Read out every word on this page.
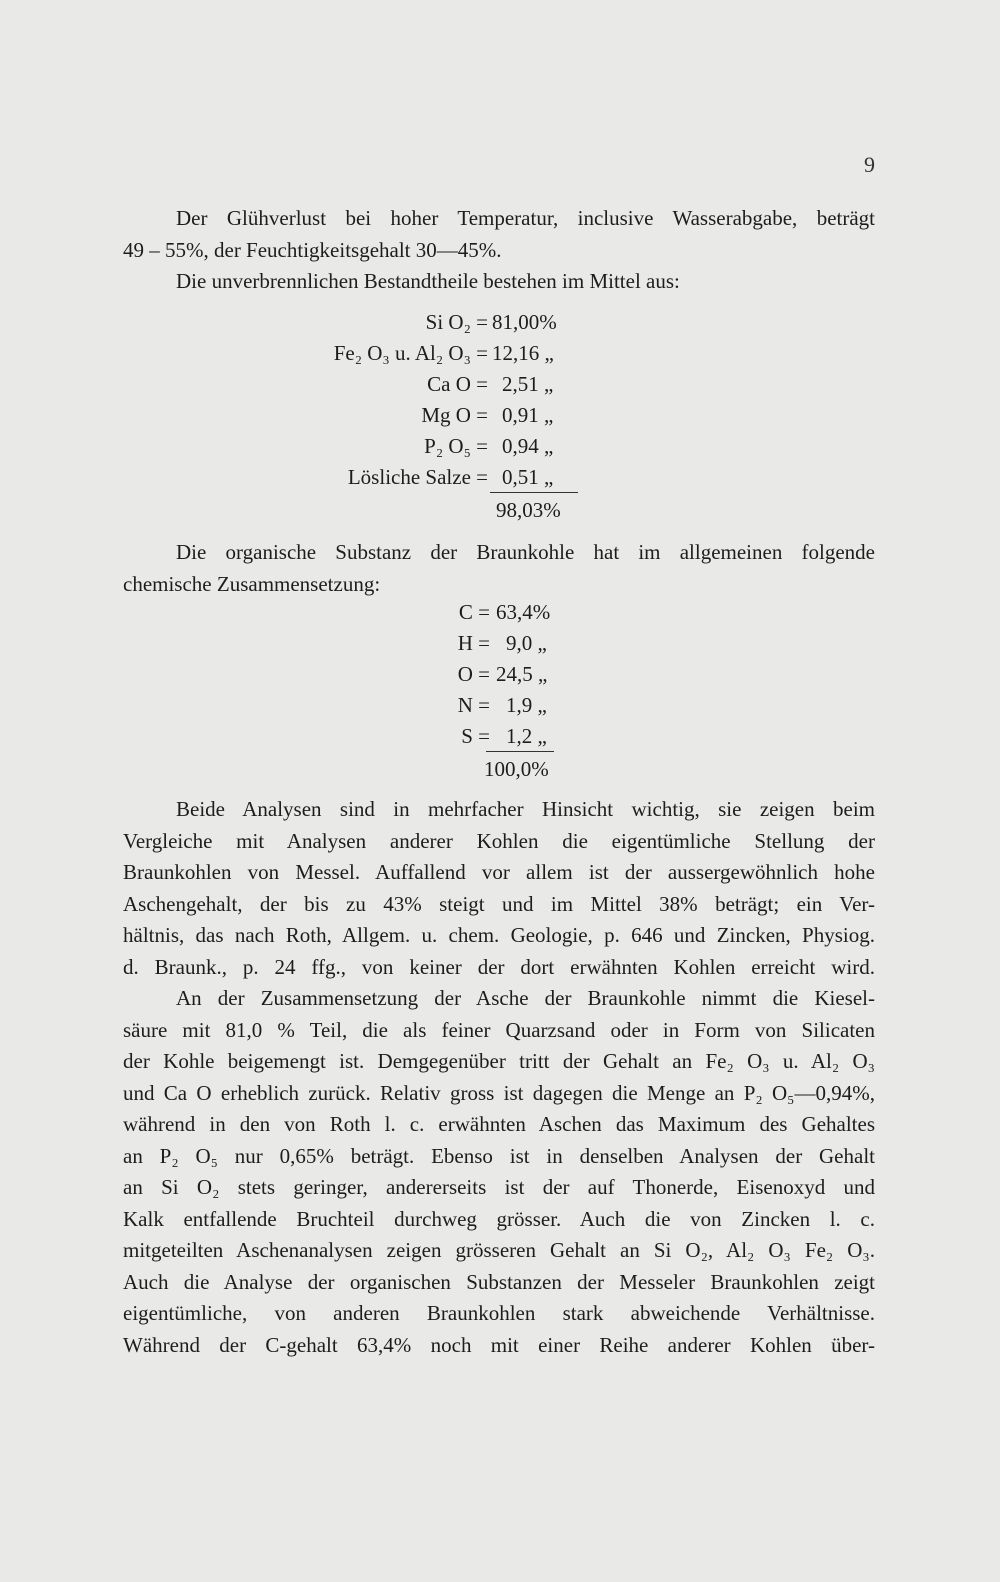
9
Der Glühverlust bei hoher Temperatur, inclusive Wasserabgabe, beträgt
49 – 55%, der Feuchtigkeitsgehalt 30—45%.
Die unverbrennlichen Bestandtheile bestehen im Mittel aus:
Si O₂ = 81,00%
Fe₂ O₃ u. Al₂ O₃ = 12,16 „
Ca O = 2,51 „
Mg O = 0,91 „
P₂ O₅ = 0,94 „
Lösliche Salze = 0,51 „
98,03%
Die organische Substanz der Braunkohle hat im allgemeinen folgende
chemische Zusammensetzung:
C = 63,4%
H = 9,0 „
O = 24,5 „
N = 1,9 „
S = 1,2 „
100,0%
Beide Analysen sind in mehrfacher Hinsicht wichtig, sie zeigen beim
Vergleiche mit Analysen anderer Kohlen die eigentümliche Stellung der
Braunkohlen von Messel. Auffallend vor allem ist der aussergewöhnlich hohe
Aschengehalt, der bis zu 43% steigt und im Mittel 38% beträgt; ein Ver-
hältnis, das nach Roth, Allgem. u. chem. Geologie, p. 646 und Zincken, Physiog.
d. Braunk., p. 24 ffg., von keiner der dort erwähnten Kohlen erreicht wird.
An der Zusammensetzung der Asche der Braunkohle nimmt die Kiesel-
säure mit 81,0 % Teil, die als feiner Quarzsand oder in Form von Silicaten
der Kohle beigemengt ist. Demgegenüber tritt der Gehalt an Fe₂ O₃ u. Al₂ O₃
und Ca O erheblich zurück. Relativ gross ist dagegen die Menge an P₂ O₅—0,94%,
während in den von Roth l. c. erwähnten Aschen das Maximum des Gehaltes
an P₂ O₅ nur 0,65% beträgt. Ebenso ist in denselben Analysen der Gehalt
an Si O₂ stets geringer, andererseits ist der auf Thonerde, Eisenoxyd und
Kalk entfallende Bruchteil durchweg grösser. Auch die von Zincken l. c.
mitgeteilten Aschenanalysen zeigen grösseren Gehalt an Si O₂, Al₂ O₃ Fe₂ O₃.
Auch die Analyse der organischen Substanzen der Messeler Braunkohlen zeigt
eigentümliche, von anderen Braunkohlen stark abweichende Verhältnisse.
Während der C-gehalt 63,4% noch mit einer Reihe anderer Kohlen über-
